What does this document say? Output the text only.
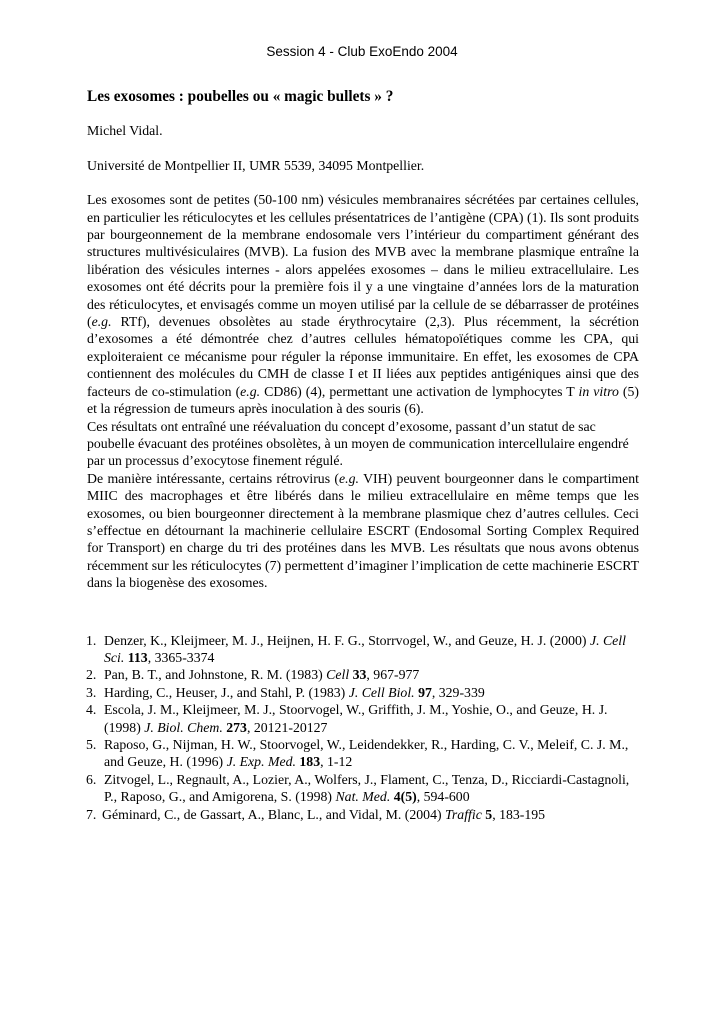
Session 4 - Club ExoEndo 2004

Les exosomes : poubelles ou « magic bullets » ?

Michel Vidal.

Université de Montpellier II, UMR 5539, 34095 Montpellier.

Les exosomes sont de petites (50-100 nm) vésicules membranaires sécrétées par certaines cellules, en particulier les réticulocytes et les cellules présentatrices de l’antigène (CPA) (1). Ils sont produits par bourgeonnement de la membrane endosomale vers l’intérieur du compartiment générant des structures multivésiculaires (MVB). La fusion des MVB avec la membrane plasmique entraîne la libération des vésicules internes - alors appelées exosomes – dans le milieu extracellulaire. Les exosomes ont été décrits pour la première fois il y a une vingtaine d’années lors de la maturation des réticulocytes, et envisagés comme un moyen utilisé par la cellule de se débarrasser de protéines (e.g. RTf), devenues obsolètes au stade érythrocytaire (2,3). Plus récemment, la sécrétion d’exosomes a été démontrée chez d’autres cellules hématopoïétiques comme les CPA, qui exploiteraient ce mécanisme pour réguler la réponse immunitaire. En effet, les exosomes de CPA contiennent des molécules du CMH de classe I et II liées aux peptides antigéniques ainsi que des facteurs de co-stimulation (e.g. CD86) (4), permettant une activation de lymphocytes T in vitro (5) et la régression de tumeurs après inoculation à des souris (6).

Ces résultats ont entraîné une réévaluation du concept d’exosome, passant d’un statut de sac poubelle évacuant des protéines obsolètes, à un moyen de communication intercellulaire engendré par un processus d’exocytose finement régulé.

De manière intéressante, certains rétrovirus (e.g. VIH) peuvent bourgeonner dans le compartiment MIIC des macrophages et être libérés dans le milieu extracellulaire en même temps que les exosomes, ou bien bourgeonner directement à la membrane plasmique chez d’autres cellules. Ceci s’effectue en détournant la machinerie cellulaire ESCRT (Endosomal Sorting Complex Required for Transport) en charge du tri des protéines dans les MVB. Les résultats que nous avons obtenus récemment sur les réticulocytes (7) permettent d’imaginer l’implication de cette machinerie ESCRT dans la biogenèse des exosomes.

1. Denzer, K., Kleijmeer, M. J., Heijnen, H. F. G., Storrvogel, W., and Geuze, H. J. (2000) J. Cell Sci. 113, 3365-3374
2. Pan, B. T., and Johnstone, R. M. (1983) Cell 33, 967-977
3. Harding, C., Heuser, J., and Stahl, P. (1983) J. Cell Biol. 97, 329-339
4. Escola, J. M., Kleijmeer, M. J., Stoorvogel, W., Griffith, J. M., Yoshie, O., and Geuze, H. J. (1998) J. Biol. Chem. 273, 20121-20127
5. Raposo, G., Nijman, H. W., Stoorvogel, W., Leidendekker, R., Harding, C. V., Meleif, C. J. M., and Geuze, H. (1996) J. Exp. Med. 183, 1-12
6. Zitvogel, L., Regnault, A., Lozier, A., Wolfers, J., Flament, C., Tenza, D., Ricciardi-Castagnoli, P., Raposo, G., and Amigorena, S. (1998) Nat. Med. 4(5), 594-600
7. Géminard, C., de Gassart, A., Blanc, L., and Vidal, M. (2004) Traffic 5, 183-195
